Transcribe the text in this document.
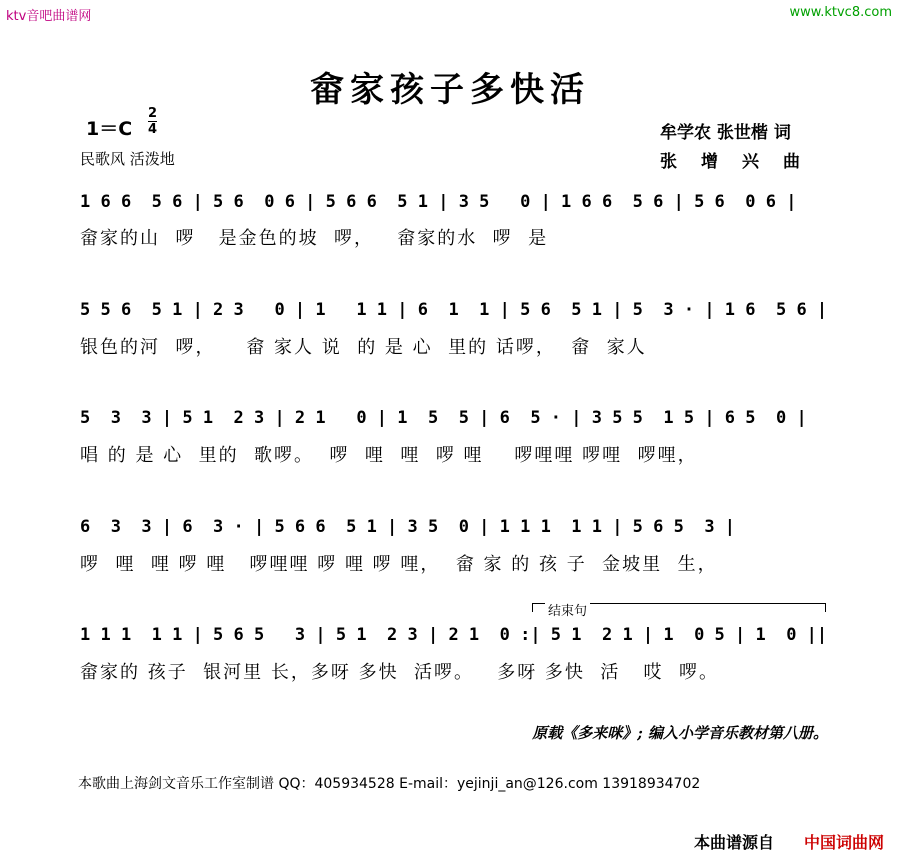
ktv音吧曲谱网	www.ktvc8.com
畲家孩子多快活
1＝C
2
4
民歌风 活泼地
牟学农 张世楷 词
张增兴曲
1 6 6  5 6 | 5 6  0 6 | 5 6 6  5 1 | 3 5   0 | 1 6 6  5 6 | 5 6  0 6 |
畲家的山  啰   是金色的坡  啰，   畲家的水  啰  是
5 5 6  5 1 | 2 3   0 | 1   1 1 | 6  1  1 | 5 6  5 1 | 5  3 · | 1 6  5 6 |
银色的河  啰，    畲 家人 说  的 是 心  里的 话啰，  畲  家人
5  3  3 | 5 1  2 3 | 2 1   0 | 1  5  5 | 6  5 · | 3 5 5  1 5 | 6 5  0 |
唱 的 是 心  里的  歌啰。  啰  哩  哩  啰 哩    啰哩哩 啰哩  啰哩，
6  3  3 | 6  3 · | 5 6 6  5 1 | 3 5  0 | 1 1 1  1 1 | 5 6 5  3 |
啰  哩  哩 啰 哩   啰哩哩 啰 哩 啰 哩，  畲 家 的 孩 子  金坡里  生，
结束句
1 1 1  1 1 | 5 6 5   3 | 5 1  2 3 | 2 1  0 :| 5 1  2 1 | 1  0 5 | 1  0 ||
畲家的 孩子  银河里 长，多呀 多快  活啰。   多呀 多快  活   哎  啰。
原载《多来咪》; 编入小学音乐教材第八册。
本歌曲上海剑文音乐工作室制谱 QQ：405934528 E-mail：yejinji_an@126.com 13918934702
本曲谱源自 中国词曲网
